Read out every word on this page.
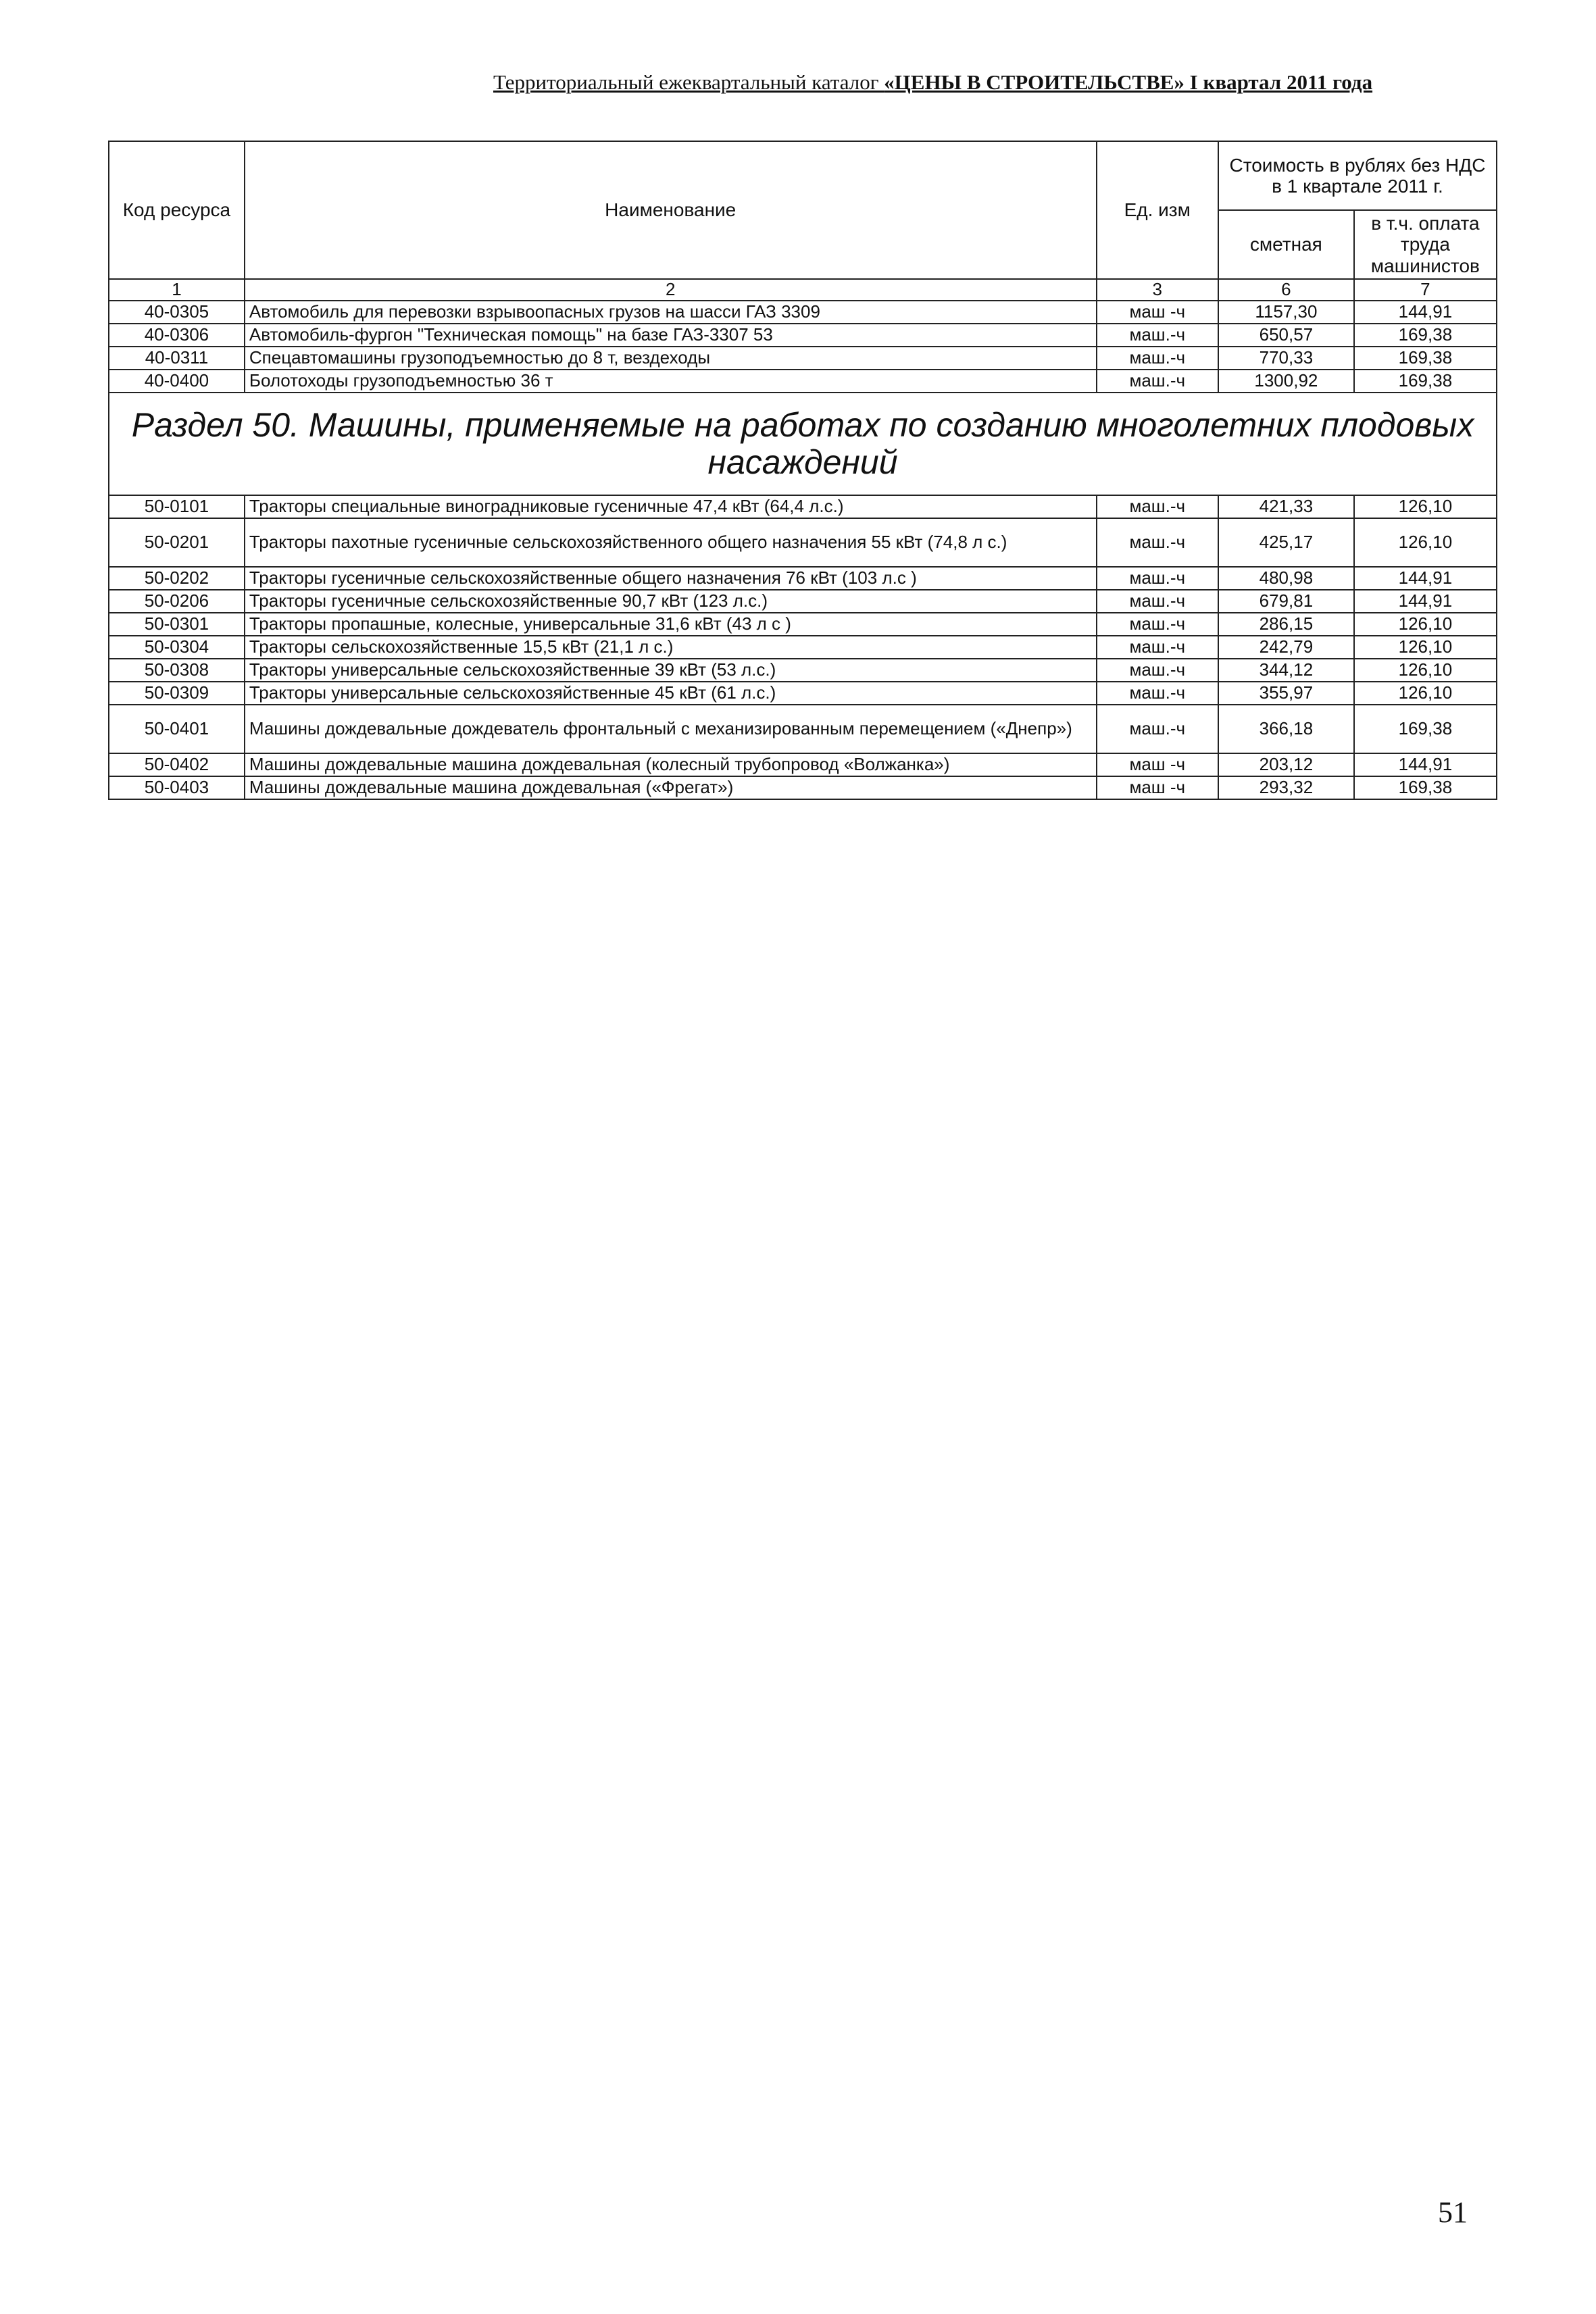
Территориальный ежеквартальный каталог «ЦЕНЫ В СТРОИТЕЛЬСТВЕ» I квартал 2011 года
Код ресурса	Наименование	Ед. изм	Стоимость в рублях без НДС в 1 квартале 2011 г.	
			сметная	в т.ч. оплата труда машинистов
1	2	3	6	7
40-0305	Автомобиль для перевозки взрывоопасных грузов на шасси ГАЗ 3309	маш -ч	1157,30	144,91
40-0306	Автомобиль-фургон "Техническая помощь" на базе ГАЗ-3307 53	маш.-ч	650,57	169,38
40-0311	Спецавтомашины грузоподъемностью до 8 т, вездеходы	маш.-ч	770,33	169,38
40-0400	Болотоходы грузоподъемностью 36 т	маш.-ч	1300,92	169,38
Раздел 50. Машины, применяемые на работах по созданию многолетних плодовых насаждений				
50-0101	Тракторы специальные виноградниковые гусеничные 47,4 кВт (64,4 л.с.)	маш.-ч	421,33	126,10
50-0201	Тракторы пахотные гусеничные сельскохозяйственного общего назначения 55 кВт (74,8 л с.)	маш.-ч	425,17	126,10
50-0202	Тракторы гусеничные сельскохозяйственные общего назначения 76 кВт (103 л.с )	маш.-ч	480,98	144,91
50-0206	Тракторы гусеничные сельскохозяйственные 90,7 кВт (123 л.с.)	маш.-ч	679,81	144,91
50-0301	Тракторы пропашные, колесные, универсальные 31,6 кВт (43 л с )	маш.-ч	286,15	126,10
50-0304	Тракторы сельскохозяйственные 15,5 кВт (21,1 л с.)	маш.-ч	242,79	126,10
50-0308	Тракторы универсальные сельскохозяйственные 39 кВт (53 л.с.)	маш.-ч	344,12	126,10
50-0309	Тракторы универсальные сельскохозяйственные 45 кВт (61 л.с.)	маш.-ч	355,97	126,10
50-0401	Машины дождевальные дождеватель фронтальный с механизированным перемещением («Днепр»)	маш.-ч	366,18	169,38
50-0402	Машины дождевальные машина дождевальная (колесный трубопровод «Волжанка»)	маш -ч	203,12	144,91
50-0403	Машины дождевальные машина дождевальная («Фрегат»)	маш -ч	293,32	169,38
51
